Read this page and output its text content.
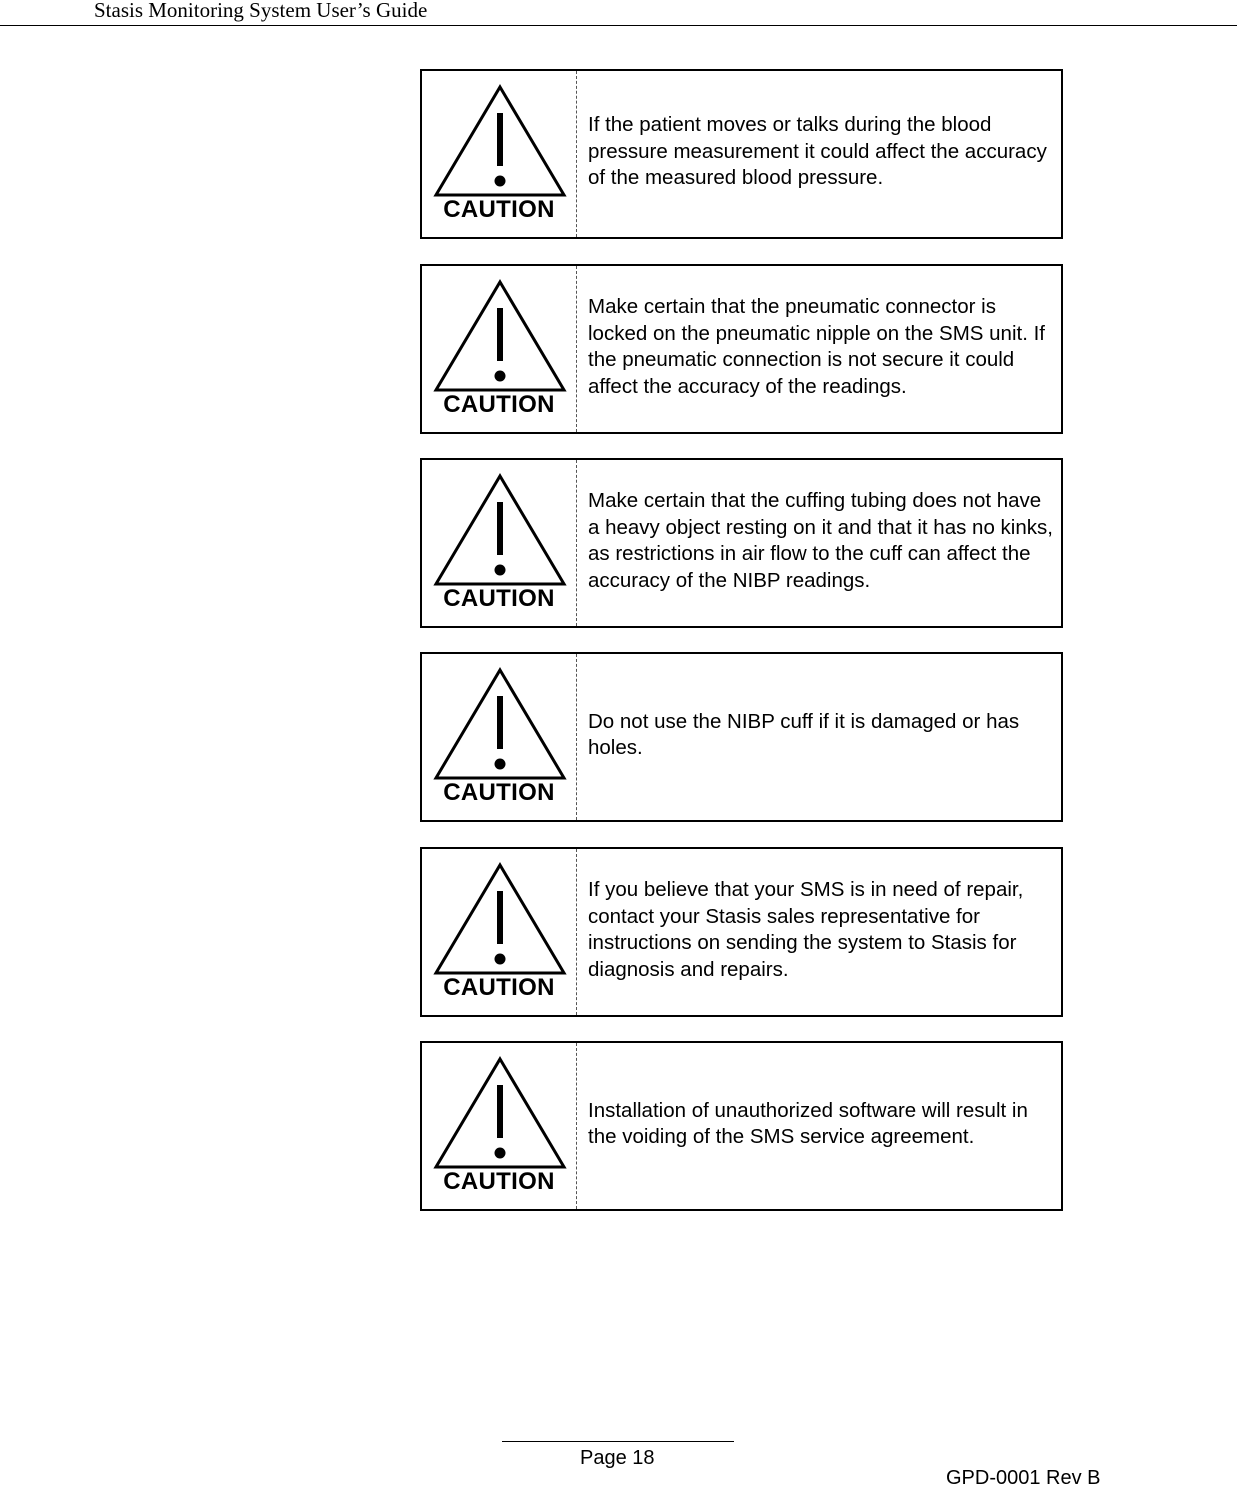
Stasis Monitoring System User’s Guide
CAUTION
If the patient moves or talks during the blood pressure measurement it could affect the accuracy of the measured blood pressure.
CAUTION
Make certain that the pneumatic connector is locked on the pneumatic nipple on the SMS unit. If the pneumatic connection is not secure it could affect the accuracy of the readings.
CAUTION
Make certain that the cuffing tubing does not have a heavy object resting on it and that it has no kinks, as restrictions in air flow to the cuff can affect the accuracy of the NIBP readings.
CAUTION
Do not use the NIBP cuff if it is damaged or has holes.
CAUTION
If you believe that your SMS is in need of repair, contact your Stasis sales representative for instructions on sending the system to Stasis for diagnosis and repairs.
CAUTION
Installation of unauthorized software will result in the voiding of the SMS service agreement.
Page 18
GPD-0001 Rev B
